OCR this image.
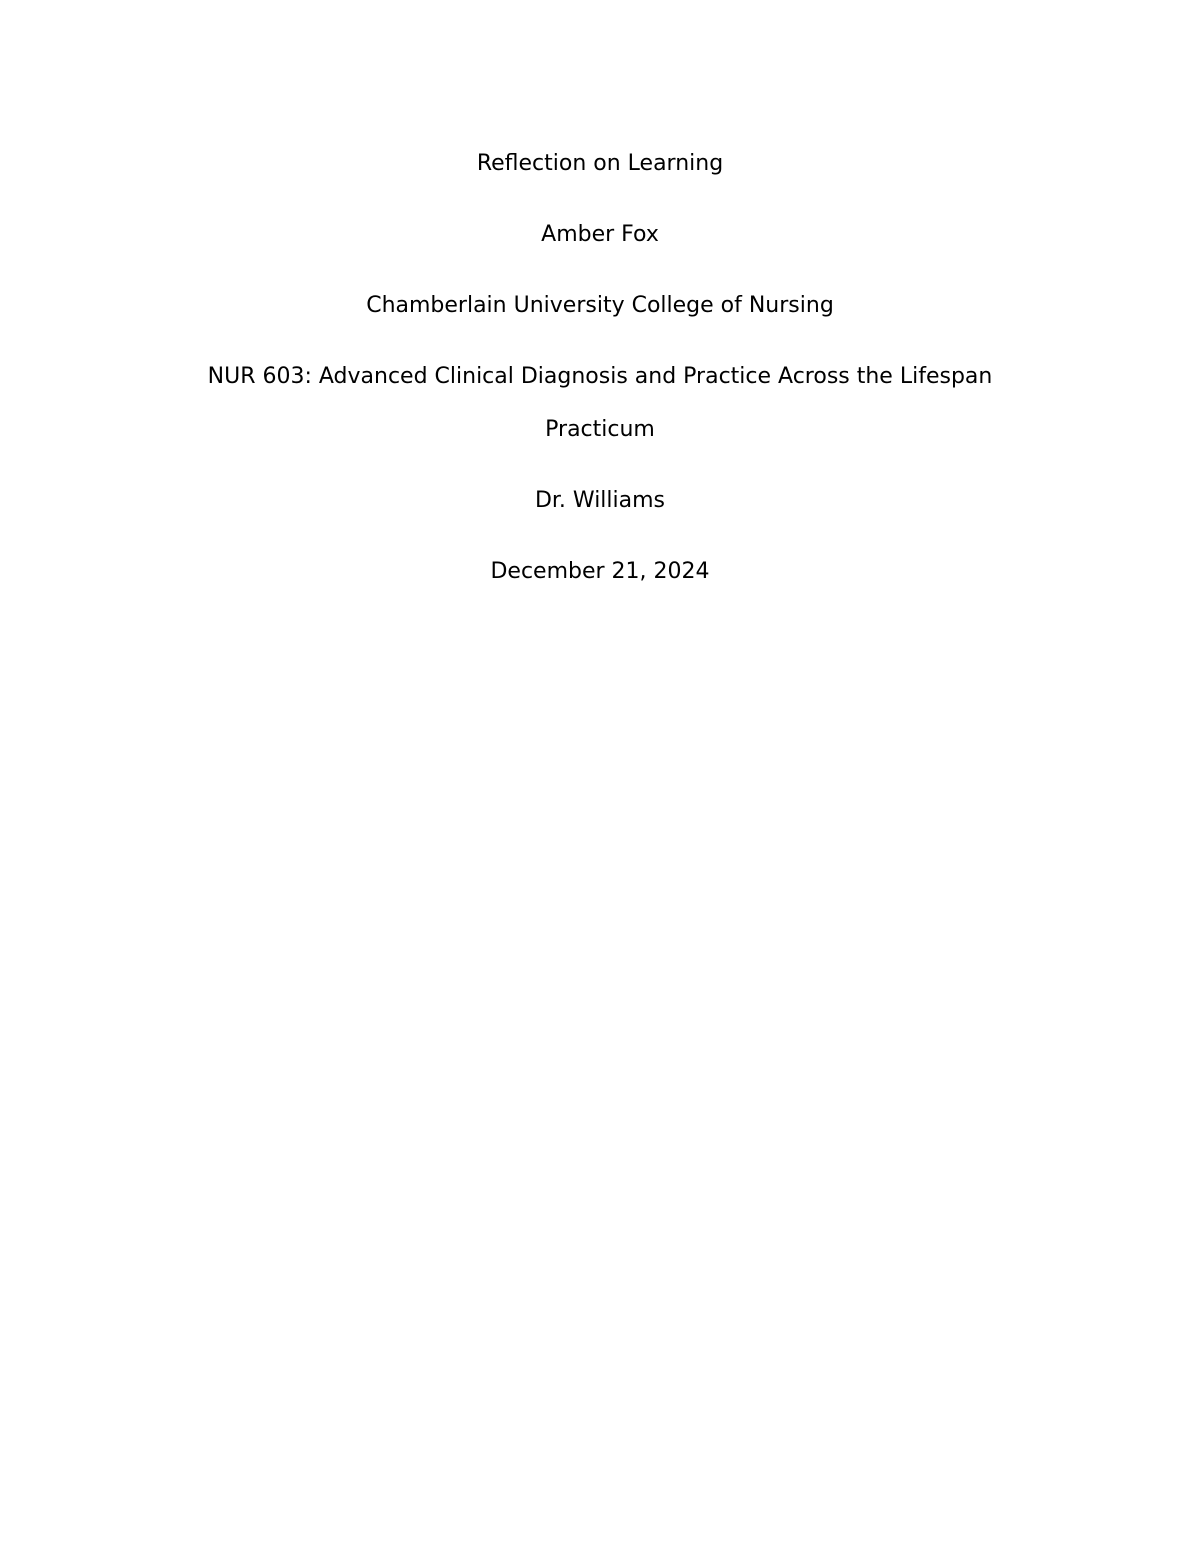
Reflection on Learning

Amber Fox

Chamberlain University College of Nursing

NUR 603: Advanced Clinical Diagnosis and Practice Across the Lifespan Practicum

Dr. Williams

December 21, 2024
